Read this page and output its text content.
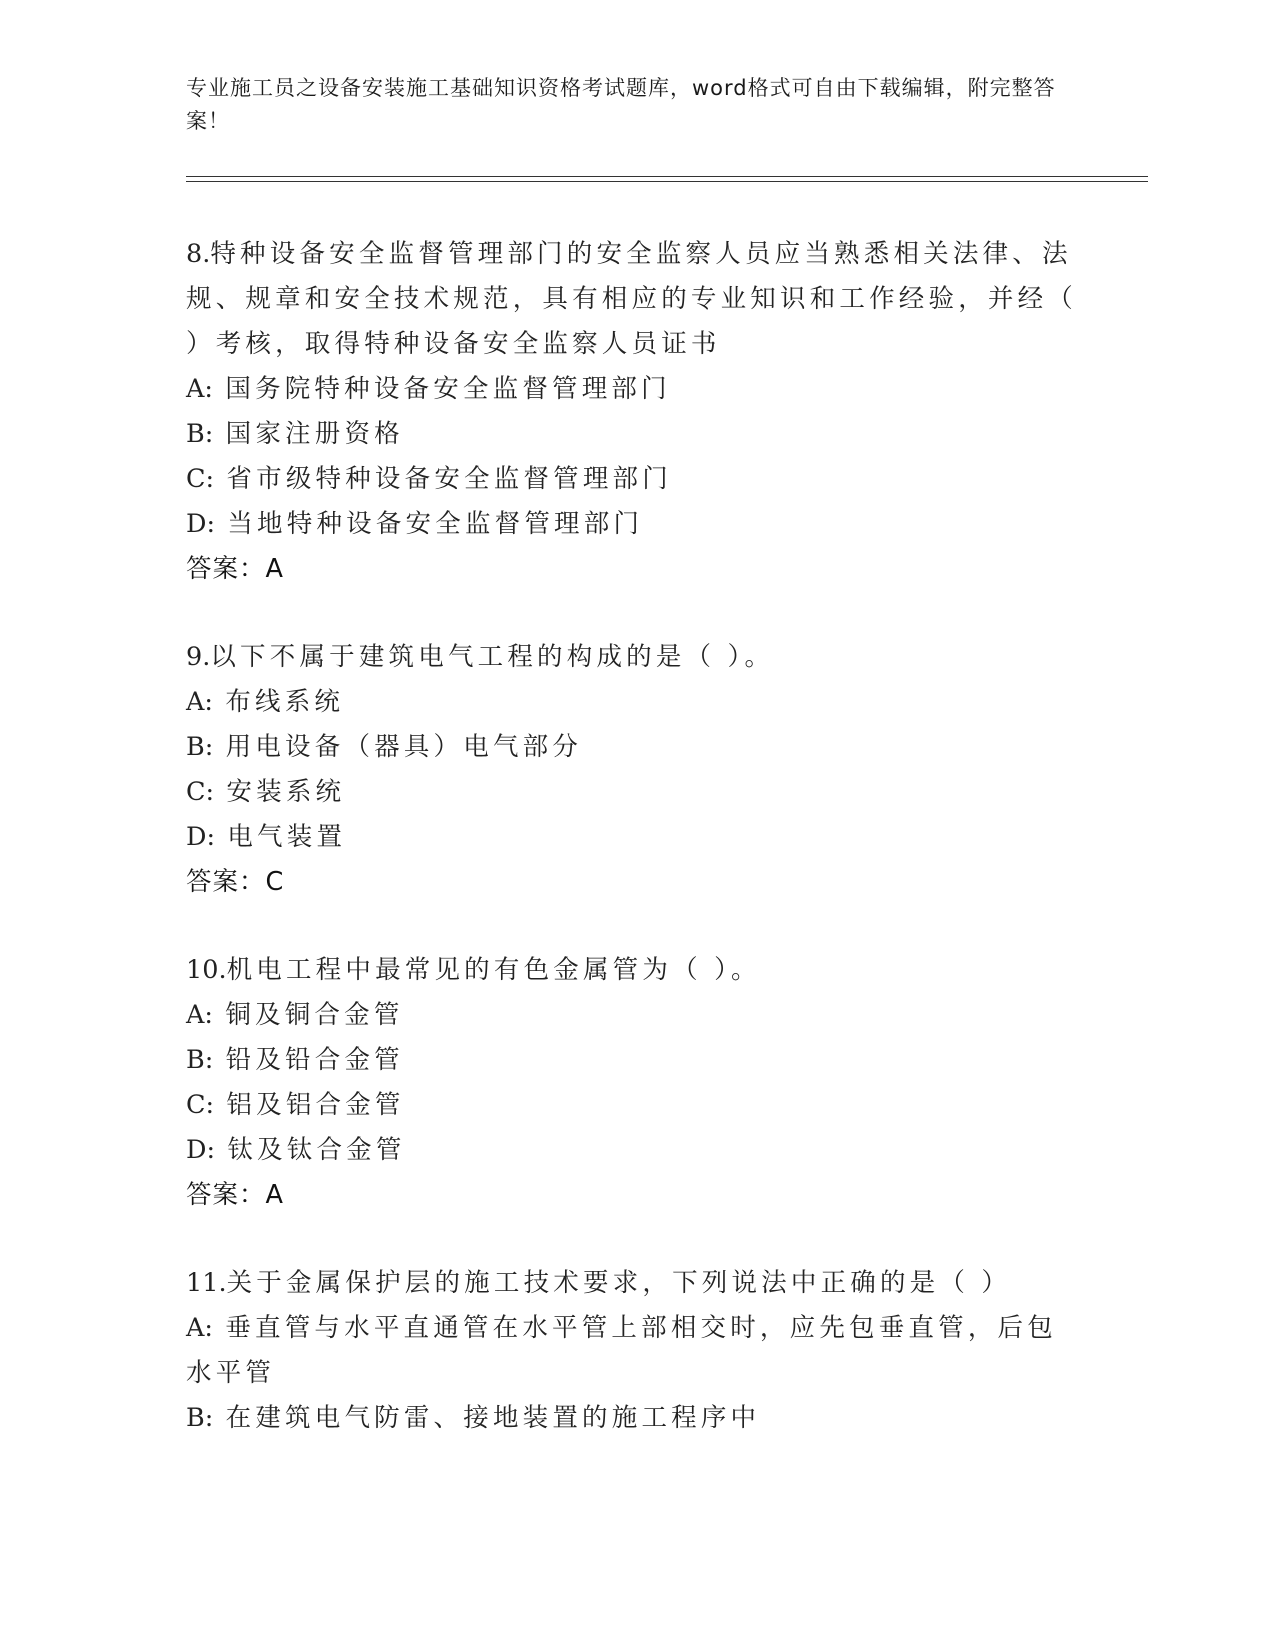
专业施工员之设备安装施工基础知识资格考试题库，word格式可自由下载编辑，附完整答案！

8.特种设备安全监督管理部门的安全监察人员应当熟悉相关法律、法规、规章和安全技术规范，具有相应的专业知识和工作经验，并经（ ）考核，取得特种设备安全监察人员证书

A: 国务院特种设备安全监督管理部门

B: 国家注册资格

C: 省市级特种设备安全监督管理部门

D: 当地特种设备安全监督管理部门

答案：A

9.以下不属于建筑电气工程的构成的是（ ）。

A: 布线系统

B: 用电设备（器具）电气部分

C: 安装系统

D: 电气装置

答案：C

10.机电工程中最常见的有色金属管为（ ）。

A: 铜及铜合金管

B: 铅及铅合金管

C: 铝及铝合金管

D: 钛及钛合金管

答案：A

11.关于金属保护层的施工技术要求，下列说法中正确的是（ ）

A: 垂直管与水平直通管在水平管上部相交时，应先包垂直管，后包水平管

B: 在建筑电气防雷、接地装置的施工程序中
